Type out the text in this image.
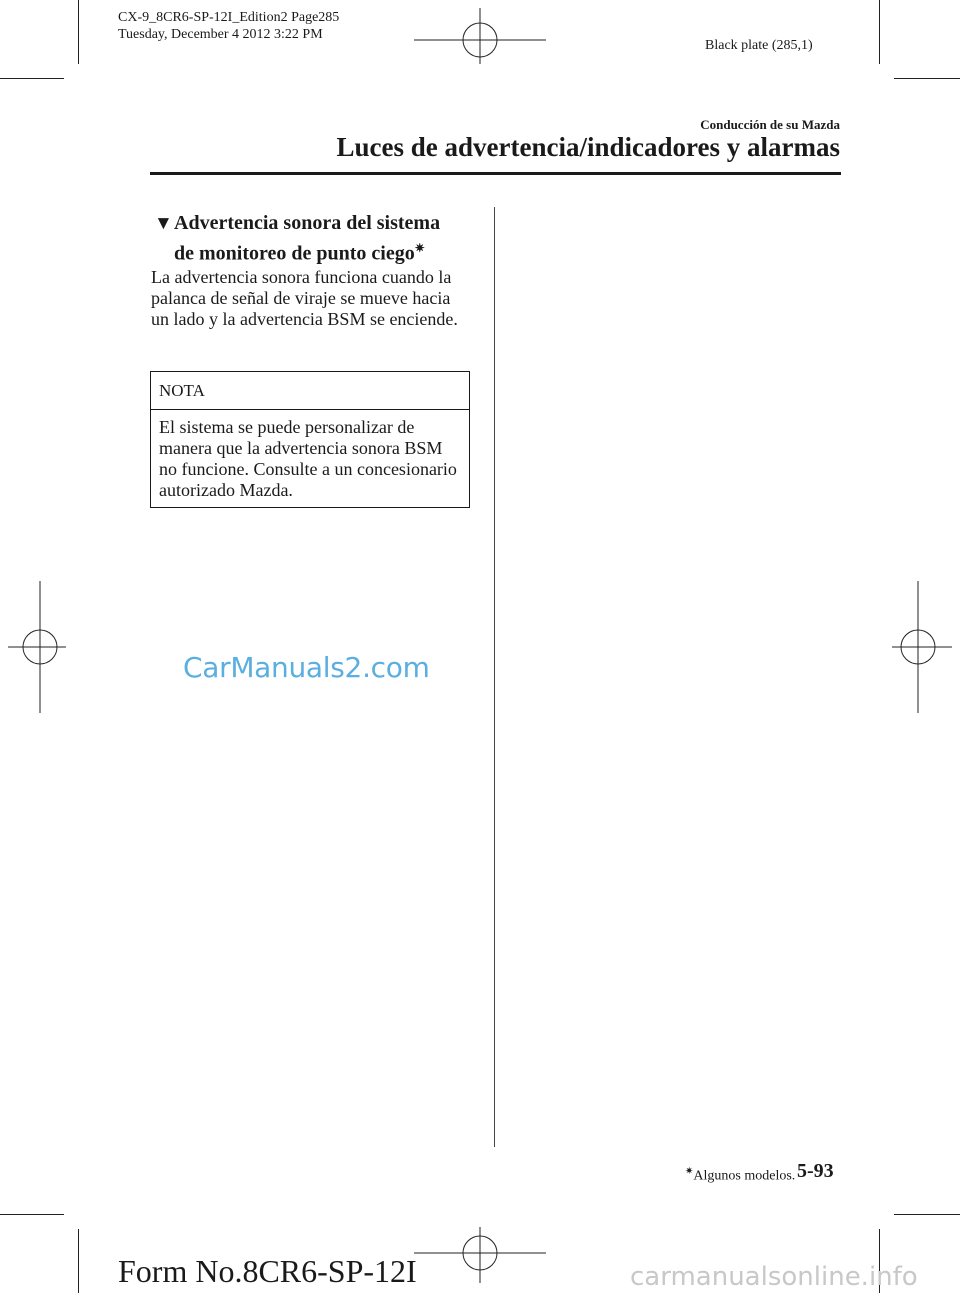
CX-9_8CR6-SP-12I_Edition2 Page285
Tuesday, December 4 2012 3:22 PM
Black plate (285,1)
Conducción de su Mazda
Luces de advertencia/indicadores y alarmas
▼Advertencia sonora del sistema
de monitoreo de punto ciego✷
La advertencia sonora funciona cuando la palanca de señal de viraje se mueve hacia un lado y la advertencia BSM se enciende.
NOTA
El sistema se puede personalizar de manera que la advertencia sonora BSM no funcione. Consulte a un concesionario autorizado Mazda.
CarManuals2.com
✷Algunos modelos. 5-93
Form No.8CR6-SP-12I	carmanualsonline.info
